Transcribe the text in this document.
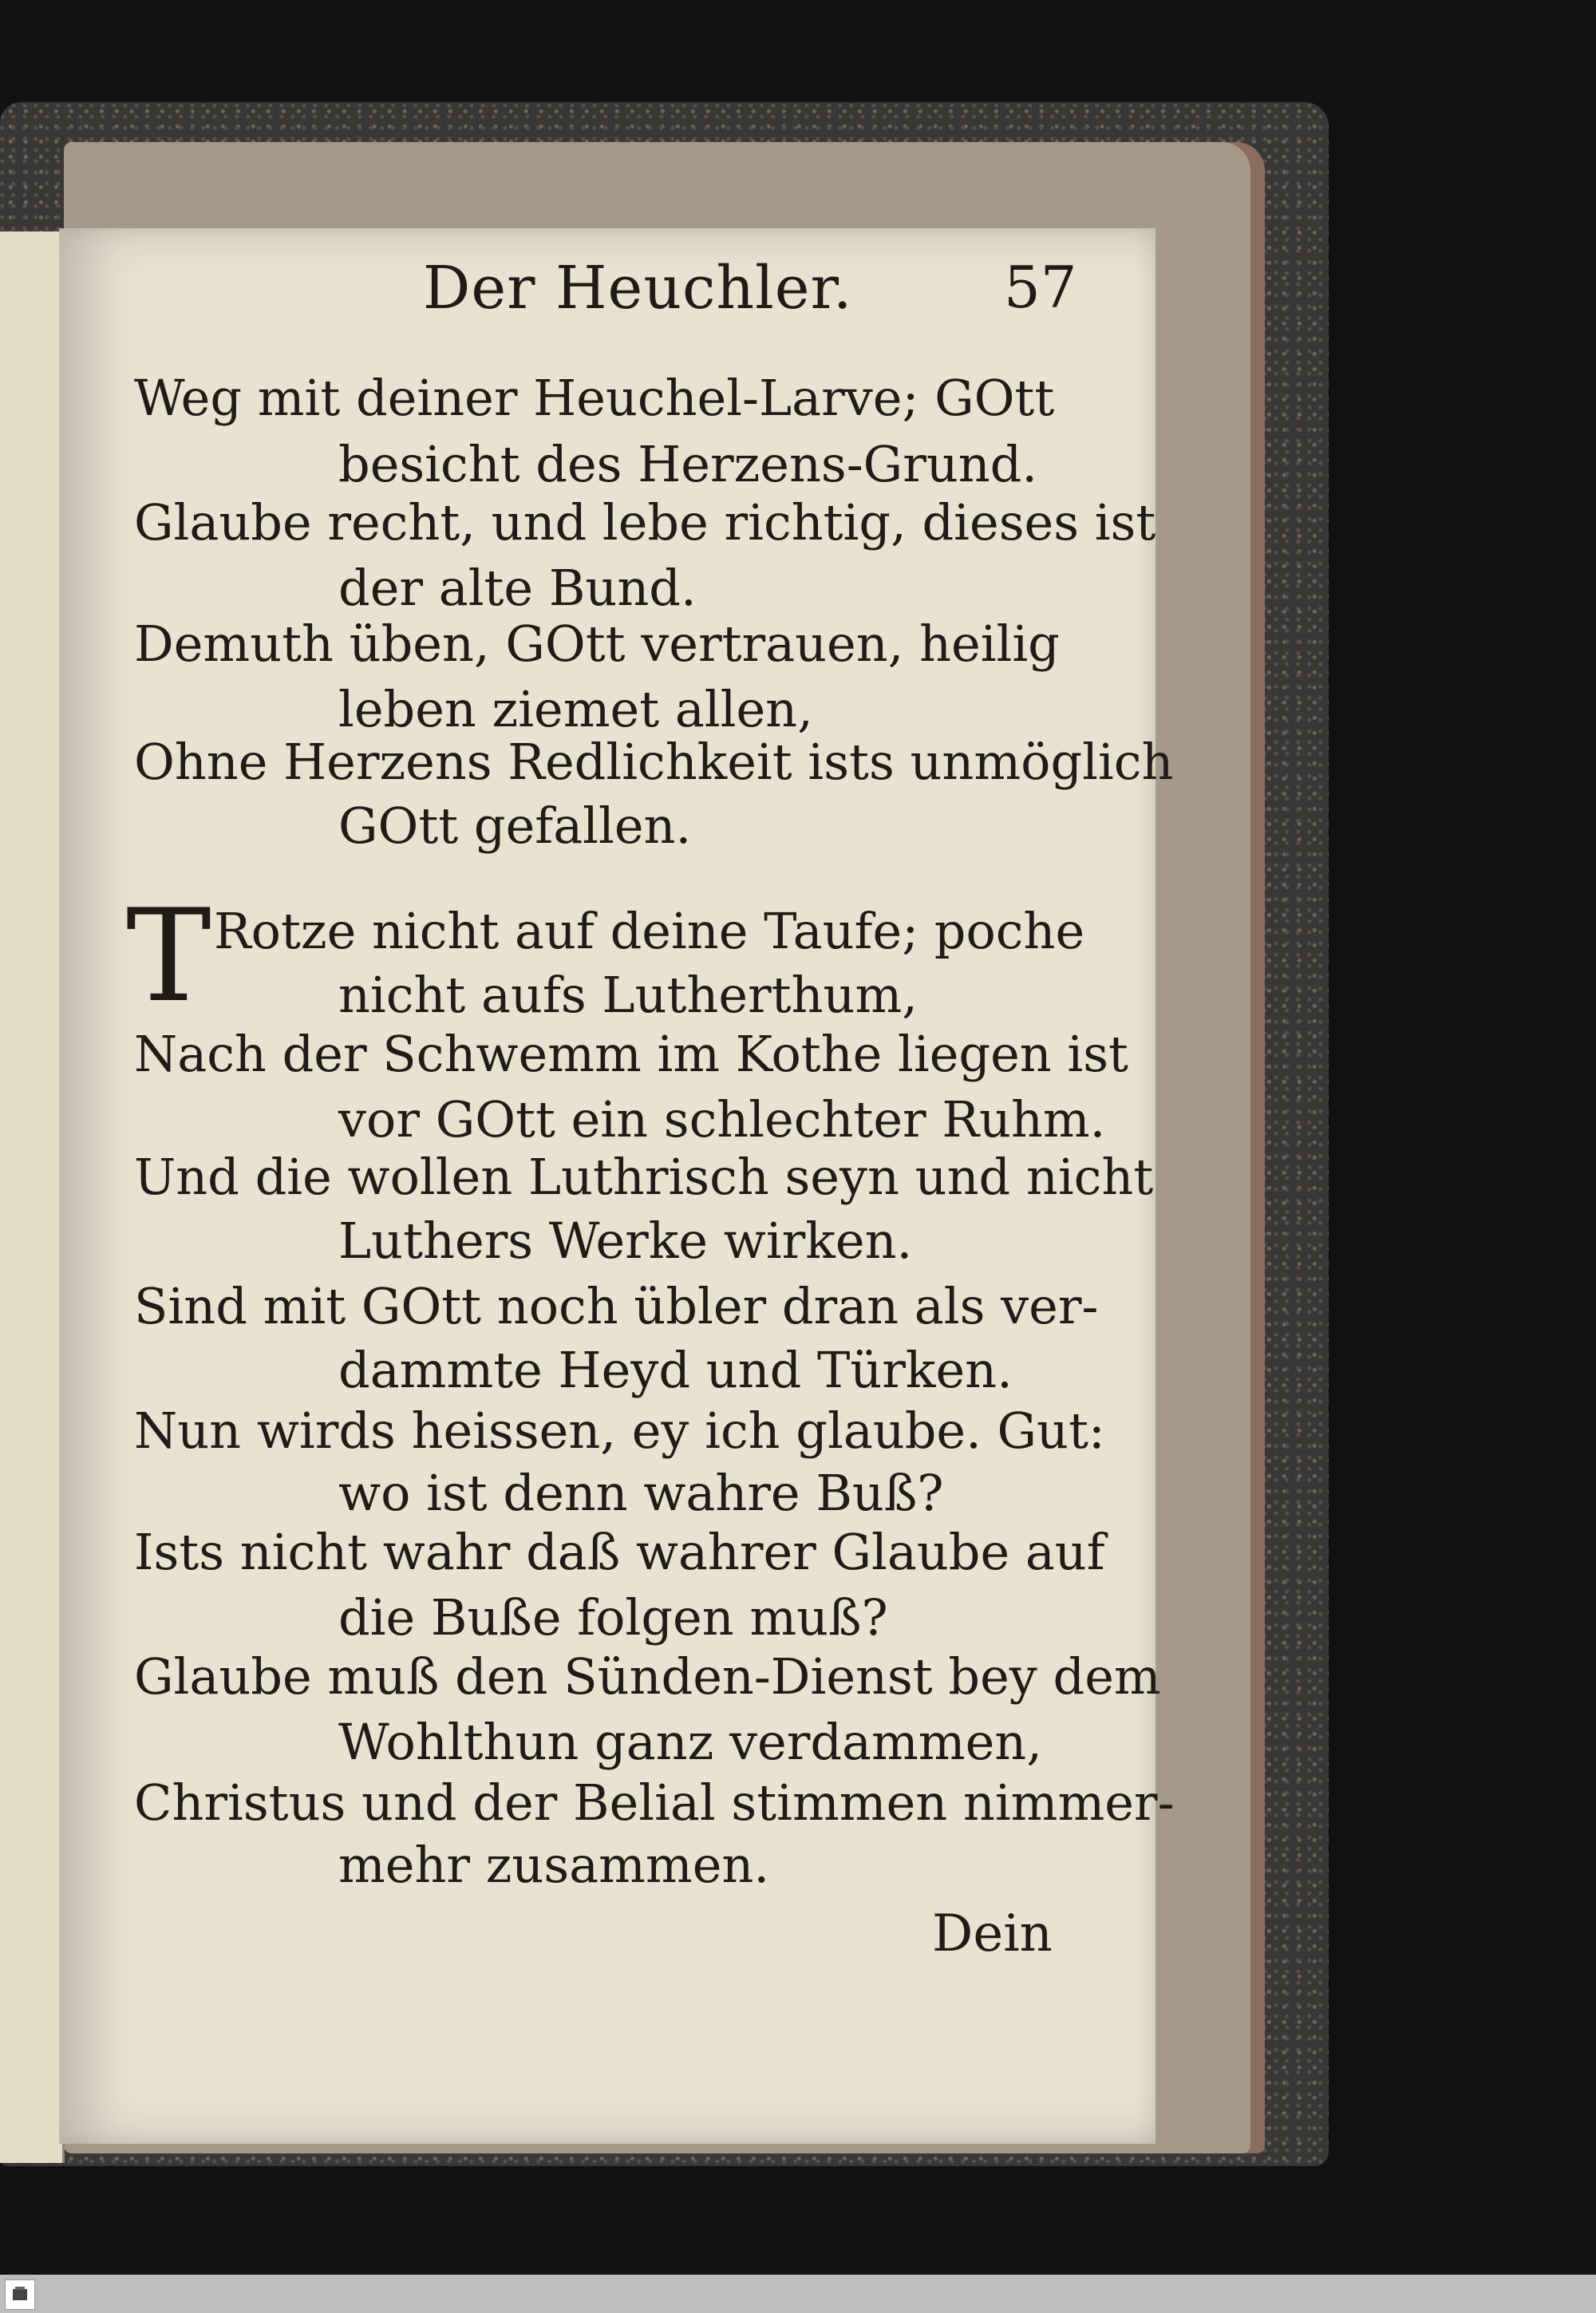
Der Heuchler.	57
Weg mit deiner Heuchel-Larve; GOtt
besicht des Herzens-Grund.
Glaube recht, und lebe richtig, dieses ist
der alte Bund.
Demuth üben, GOtt vertrauen, heilig
leben ziemet allen,
Ohne Herzens Redlichkeit ists unmöglich
GOtt gefallen.
T Rotze nicht auf deine Taufe; poche
nicht aufs Lutherthum,
Nach der Schwemm im Kothe liegen ist
vor GOtt ein schlechter Ruhm.
Und die wollen Luthrisch seyn und nicht
Luthers Werke wirken.
Sind mit GOtt noch übler dran als ver-
dammte Heyd und Türken.
Nun wirds heissen, ey ich glaube. Gut:
wo ist denn wahre Buß?
Ists nicht wahr daß wahrer Glaube auf
die Buße folgen muß?
Glaube muß den Sünden-Dienst bey dem
Wohlthun ganz verdammen,
Christus und der Belial stimmen nimmer-
mehr zusammen.
Dein
